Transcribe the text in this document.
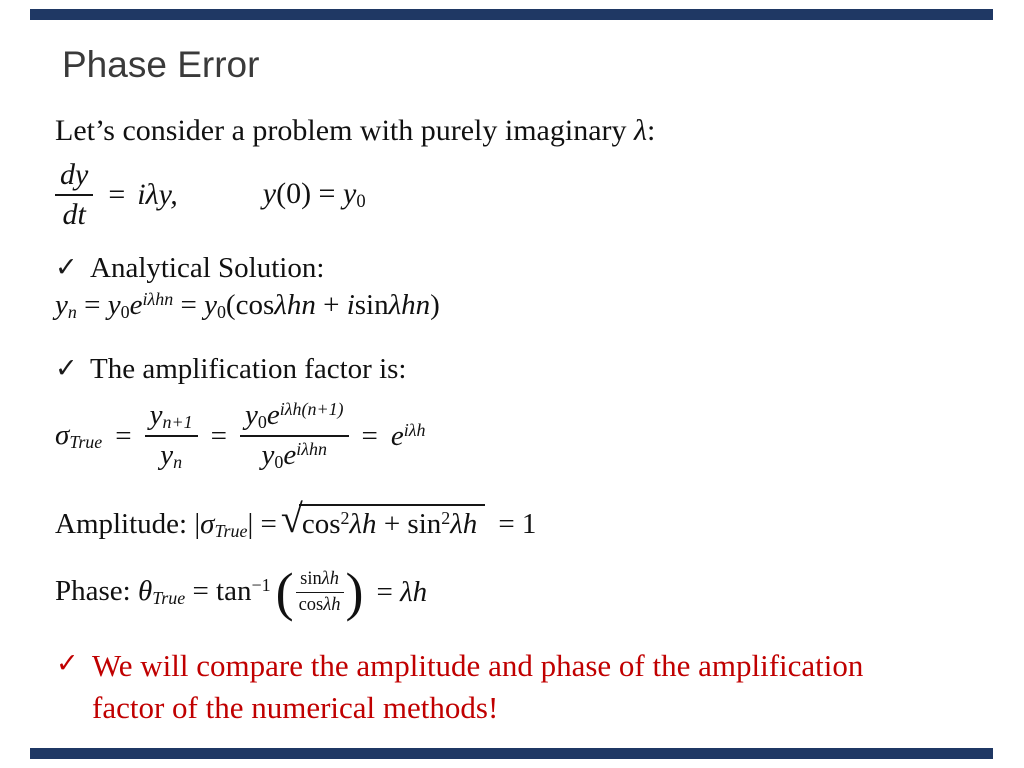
Phase Error
Let’s consider a problem with purely imaginary λ:
$\frac{dy}{dt} = i\lambda y$,	y(0) = y0
✓ Analytical Solution:
yn = $y0e^{i\lambda hn} = y0(\cos\lambda hn + isin\lambda hn)$
✓ The amplification factor is:
σTrue = $\frac{yn+1}{yn} = \frac{y0e^{i\lambda h(n+1)}}{y0e^{i\lambda hn}} = e^{i\lambda h}$
Amplitude: |σTrue| = √ $\cos^2\lambda h + \sin^2\lambda h = 1$
Phase: θTrue = $\tan^{-1}$ ( $\frac{\sin\lambda h}{\cos\lambda h}$ ) = λh
✓ We will compare the amplitude and phase of the amplification
factor of the numerical methods!
